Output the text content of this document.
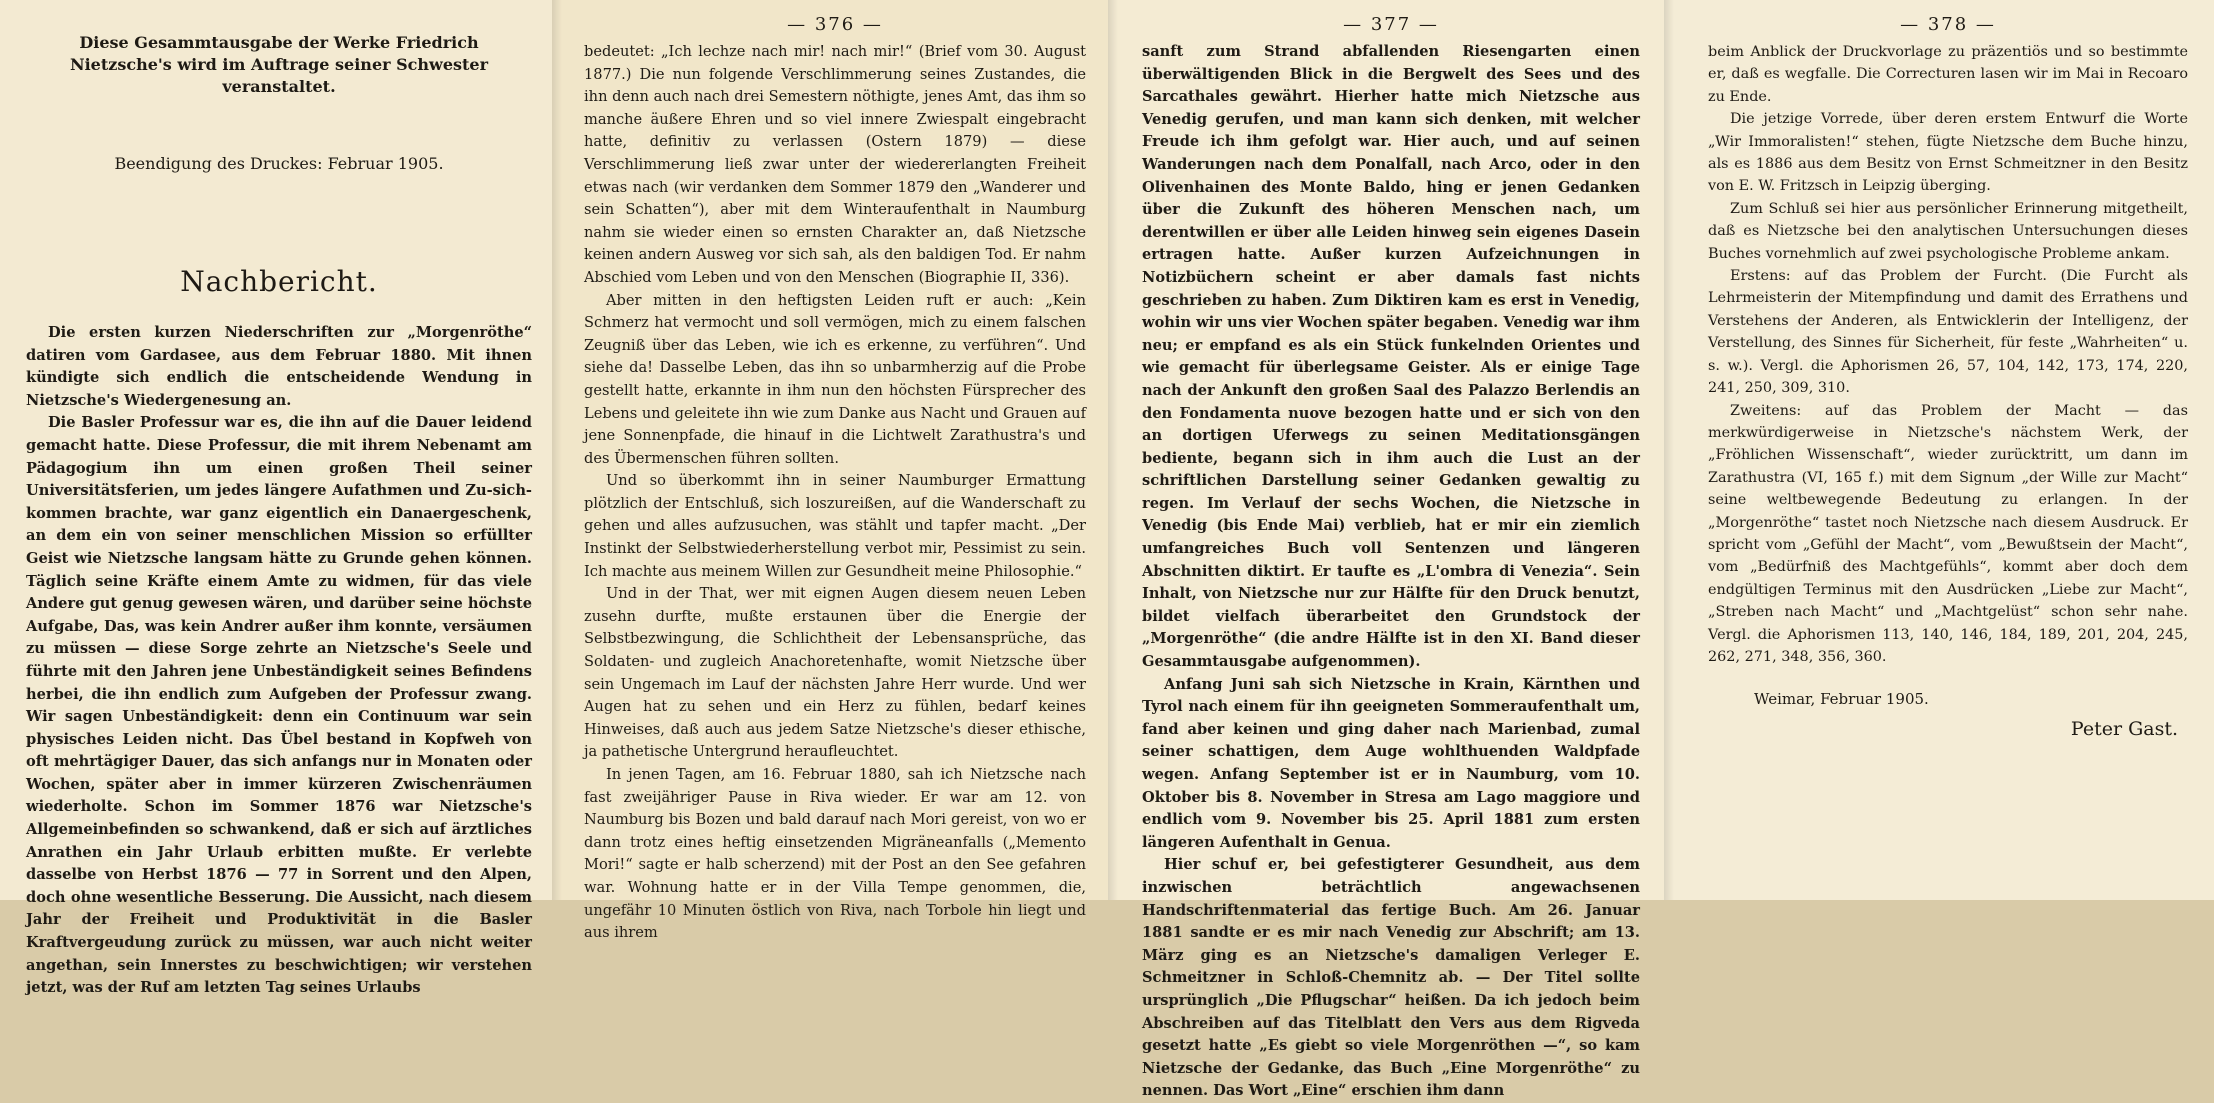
Diese Gesammtausgabe der Werke Friedrich Nietzsche's wird im Auftrage seiner Schwester veranstaltet.

Beendigung des Druckes: Februar 1905.

Nachbericht.

Die ersten kurzen Niederschriften zur „Morgenröthe“ datiren vom Gardasee, aus dem Februar 1880. Mit ihnen kündigte sich endlich die entscheidende Wendung in Nietzsche's Wiedergenesung an.

Die Basler Professur war es, die ihn auf die Dauer leidend gemacht hatte. Diese Professur, die mit ihrem Nebenamt am Pädagogium ihn um einen großen Theil seiner Universitätsferien, um jedes längere Aufathmen und Zu-sich-kommen brachte, war ganz eigentlich ein Danaergeschenk, an dem ein von seiner menschlichen Mission so erfüllter Geist wie Nietzsche langsam hätte zu Grunde gehen können. Täglich seine Kräfte einem Amte zu widmen, für das viele Andere gut genug gewesen wären, und darüber seine höchste Aufgabe, Das, was kein Andrer außer ihm konnte, versäumen zu müssen — diese Sorge zehrte an Nietzsche's Seele und führte mit den Jahren jene Unbeständigkeit seines Befindens herbei, die ihn endlich zum Aufgeben der Professur zwang. Wir sagen Unbeständigkeit: denn ein Continuum war sein physisches Leiden nicht. Das Übel bestand in Kopfweh von oft mehrtägiger Dauer, das sich anfangs nur in Monaten oder Wochen, später aber in immer kürzeren Zwischenräumen wiederholte. Schon im Sommer 1876 war Nietzsche's Allgemeinbefinden so schwankend, daß er sich auf ärztliches Anrathen ein Jahr Urlaub erbitten mußte. Er verlebte dasselbe von Herbst 1876 — 77 in Sorrent und den Alpen, doch ohne wesentliche Besserung. Die Aussicht, nach diesem Jahr der Freiheit und Produktivität in die Basler Kraftvergeudung zurück zu müssen, war auch nicht weiter angethan, sein Innerstes zu beschwichtigen; wir verstehen jetzt, was der Ruf am letzten Tag seines Urlaubs

— 376 —

bedeutet: „Ich lechze nach mir! nach mir!“ (Brief vom 30. August 1877.) Die nun folgende Verschlimmerung seines Zustandes, die ihn denn auch nach drei Semestern nöthigte, jenes Amt, das ihm so manche äußere Ehren und so viel innere Zwiespalt eingebracht hatte, definitiv zu verlassen (Ostern 1879) — diese Verschlimmerung ließ zwar unter der wiedererlangten Freiheit etwas nach (wir verdanken dem Sommer 1879 den „Wanderer und sein Schatten“), aber mit dem Winteraufenthalt in Naumburg nahm sie wieder einen so ernsten Charakter an, daß Nietzsche keinen andern Ausweg vor sich sah, als den baldigen Tod. Er nahm Abschied vom Leben und von den Menschen (Biographie II, 336).

Aber mitten in den heftigsten Leiden ruft er auch: „Kein Schmerz hat vermocht und soll vermögen, mich zu einem falschen Zeugniß über das Leben, wie ich es erkenne, zu verführen“. Und siehe da! Dasselbe Leben, das ihn so unbarmherzig auf die Probe gestellt hatte, erkannte in ihm nun den höchsten Fürsprecher des Lebens und geleitete ihn wie zum Danke aus Nacht und Grauen auf jene Sonnenpfade, die hinauf in die Lichtwelt Zarathustra's und des Übermenschen führen sollten.

Und so überkommt ihn in seiner Naumburger Ermattung plötzlich der Entschluß, sich loszureißen, auf die Wanderschaft zu gehen und alles aufzusuchen, was stählt und tapfer macht. „Der Instinkt der Selbstwiederherstellung verbot mir, Pessimist zu sein. Ich machte aus meinem Willen zur Gesundheit meine Philosophie.“

Und in der That, wer mit eignen Augen diesem neuen Leben zusehn durfte, mußte erstaunen über die Energie der Selbstbezwingung, die Schlichtheit der Lebensansprüche, das Soldaten- und zugleich Anachoretenhafte, womit Nietzsche über sein Ungemach im Lauf der nächsten Jahre Herr wurde. Und wer Augen hat zu sehen und ein Herz zu fühlen, bedarf keines Hinweises, daß auch aus jedem Satze Nietzsche's dieser ethische, ja pathetische Untergrund heraufleuchtet.

In jenen Tagen, am 16. Februar 1880, sah ich Nietzsche nach fast zweijähriger Pause in Riva wieder. Er war am 12. von Naumburg bis Bozen und bald darauf nach Mori gereist, von wo er dann trotz eines heftig einsetzenden Migräneanfalls („Memento Mori!“ sagte er halb scherzend) mit der Post an den See gefahren war. Wohnung hatte er in der Villa Tempe genommen, die, ungefähr 10 Minuten östlich von Riva, nach Torbole hin liegt und aus ihrem

— 377 —

sanft zum Strand abfallenden Riesengarten einen überwältigenden Blick in die Bergwelt des Sees und des Sarcathales gewährt. Hierher hatte mich Nietzsche aus Venedig gerufen, und man kann sich denken, mit welcher Freude ich ihm gefolgt war. Hier auch, und auf seinen Wanderungen nach dem Ponalfall, nach Arco, oder in den Olivenhainen des Monte Baldo, hing er jenen Gedanken über die Zukunft des höheren Menschen nach, um derentwillen er über alle Leiden hinweg sein eigenes Dasein ertragen hatte. Außer kurzen Aufzeichnungen in Notizbüchern scheint er aber damals fast nichts geschrieben zu haben. Zum Diktiren kam es erst in Venedig, wohin wir uns vier Wochen später begaben. Venedig war ihm neu; er empfand es als ein Stück funkelnden Orientes und wie gemacht für überlegsame Geister. Als er einige Tage nach der Ankunft den großen Saal des Palazzo Berlendis an den Fondamenta nuove bezogen hatte und er sich von den an dortigen Uferwegs zu seinen Meditationsgängen bediente, begann sich in ihm auch die Lust an der schriftlichen Darstellung seiner Gedanken gewaltig zu regen. Im Verlauf der sechs Wochen, die Nietzsche in Venedig (bis Ende Mai) verblieb, hat er mir ein ziemlich umfangreiches Buch voll Sentenzen und längeren Abschnitten diktirt. Er taufte es „L'ombra di Venezia“. Sein Inhalt, von Nietzsche nur zur Hälfte für den Druck benutzt, bildet vielfach überarbeitet den Grundstock der „Morgenröthe“ (die andre Hälfte ist in den XI. Band dieser Gesammtausgabe aufgenommen).

Anfang Juni sah sich Nietzsche in Krain, Kärnthen und Tyrol nach einem für ihn geeigneten Sommeraufenthalt um, fand aber keinen und ging daher nach Marienbad, zumal seiner schattigen, dem Auge wohlthuenden Waldpfade wegen. Anfang September ist er in Naumburg, vom 10. Oktober bis 8. November in Stresa am Lago maggiore und endlich vom 9. November bis 25. April 1881 zum ersten längeren Aufenthalt in Genua.

Hier schuf er, bei gefestigterer Gesundheit, aus dem inzwischen beträchtlich angewachsenen Handschriftenmaterial das fertige Buch. Am 26. Januar 1881 sandte er es mir nach Venedig zur Abschrift; am 13. März ging es an Nietzsche's damaligen Verleger E. Schmeitzner in Schloß-Chemnitz ab. — Der Titel sollte ursprünglich „Die Pflugschar“ heißen. Da ich jedoch beim Abschreiben auf das Titelblatt den Vers aus dem Rigveda gesetzt hatte „Es giebt so viele Morgenröthen —“, so kam Nietzsche der Gedanke, das Buch „Eine Morgenröthe“ zu nennen. Das Wort „Eine“ erschien ihm dann

— 378 —

beim Anblick der Druckvorlage zu präzentiös und so bestimmte er, daß es wegfalle. Die Correcturen lasen wir im Mai in Recoaro zu Ende.

Die jetzige Vorrede, über deren erstem Entwurf die Worte „Wir Immoralisten!“ stehen, fügte Nietzsche dem Buche hinzu, als es 1886 aus dem Besitz von Ernst Schmeitzner in den Besitz von E. W. Fritzsch in Leipzig überging.

Zum Schluß sei hier aus persönlicher Erinnerung mitgetheilt, daß es Nietzsche bei den analytischen Untersuchungen dieses Buches vornehmlich auf zwei psychologische Probleme ankam.

Erstens: auf das Problem der Furcht. (Die Furcht als Lehrmeisterin der Mitempfindung und damit des Errathens und Verstehens der Anderen, als Entwicklerin der Intelligenz, der Verstellung, des Sinnes für Sicherheit, für feste „Wahrheiten“ u. s. w.). Vergl. die Aphorismen 26, 57, 104, 142, 173, 174, 220, 241, 250, 309, 310.

Zweitens: auf das Problem der Macht — das merkwürdigerweise in Nietzsche's nächstem Werk, der „Fröhlichen Wissenschaft“, wieder zurücktritt, um dann im Zarathustra (VI, 165 f.) mit dem Signum „der Wille zur Macht“ seine weltbewegende Bedeutung zu erlangen. In der „Morgenröthe“ tastet noch Nietzsche nach diesem Ausdruck. Er spricht vom „Gefühl der Macht“, vom „Bewußtsein der Macht“, vom „Bedürfniß des Machtgefühls“, kommt aber doch dem endgültigen Terminus mit den Ausdrücken „Liebe zur Macht“, „Streben nach Macht“ und „Machtgelüst“ schon sehr nahe. Vergl. die Aphorismen 113, 140, 146, 184, 189, 201, 204, 245, 262, 271, 348, 356, 360.

Weimar, Februar 1905.

Peter Gast.
